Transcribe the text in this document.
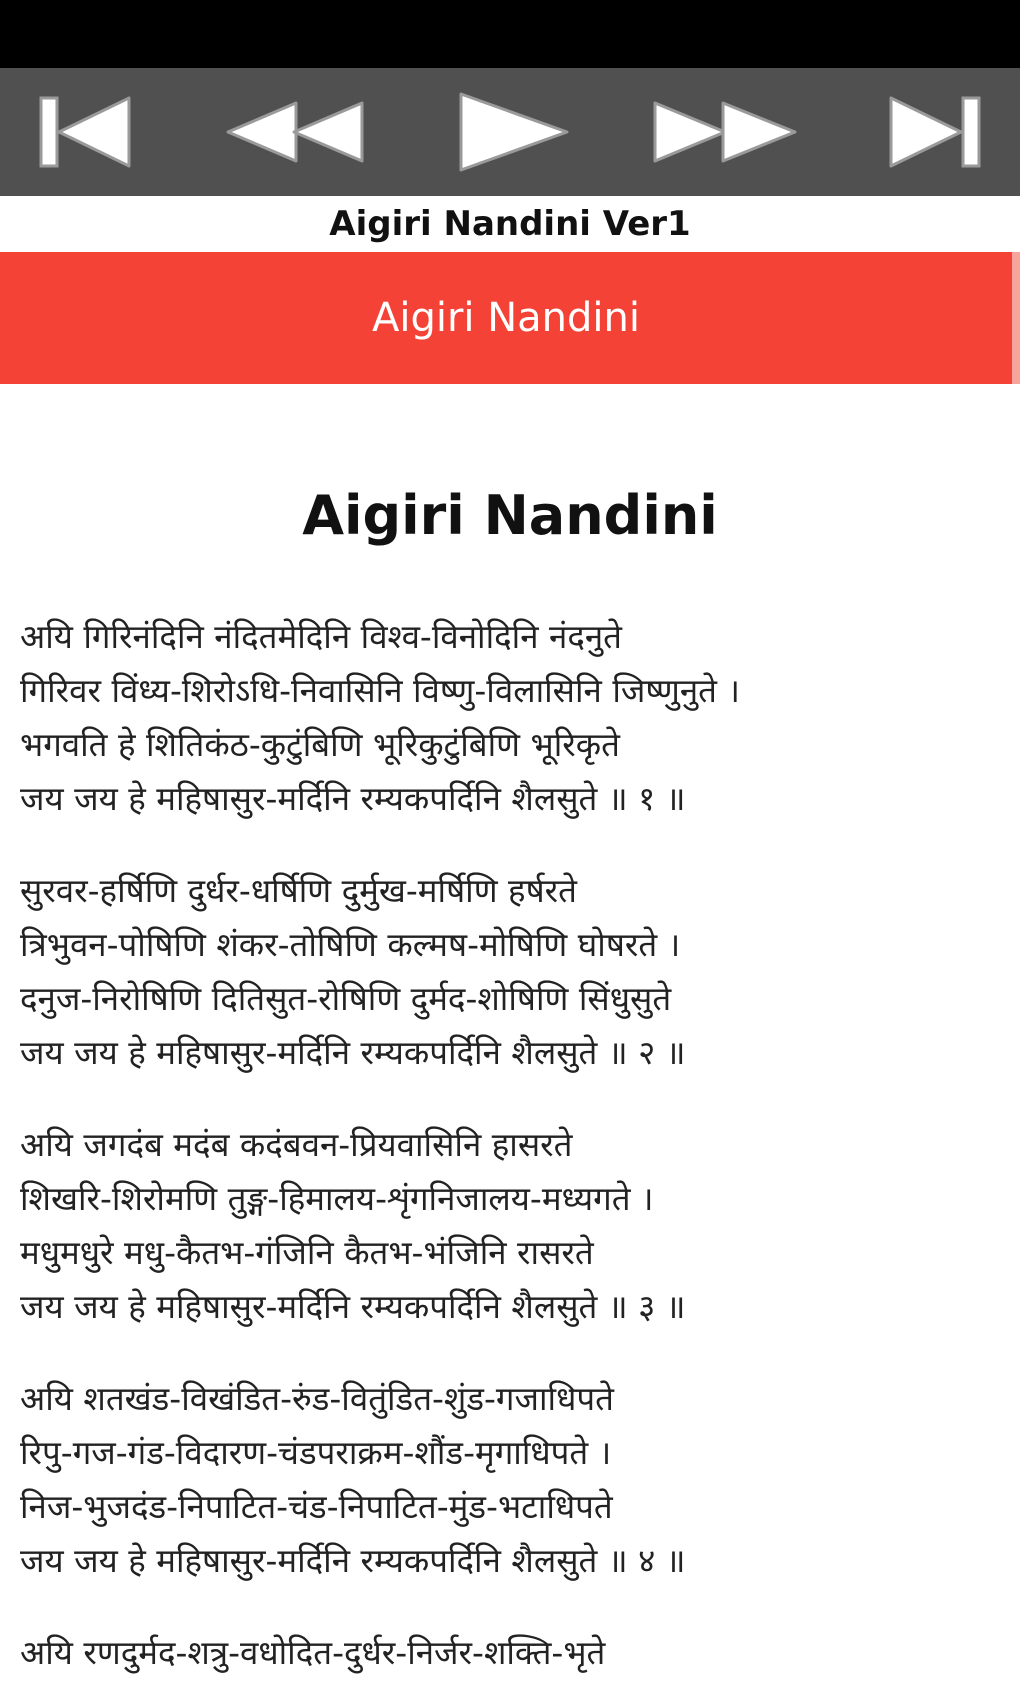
Aigiri Nandini Ver1
Aigiri Nandini
Aigiri Nandini
अयि गिरिनंदिनि नंदितमेदिनि विश्व-विनोदिनि नंदनुते
गिरिवर विंध्य-शिरोऽधि-निवासिनि विष्णु-विलासिनि जिष्णुनुते ।
भगवति हे शितिकंठ-कुटुंबिणि भूरिकुटुंबिणि भूरिकृते
जय जय हे महिषासुर-मर्दिनि रम्यकपर्दिनि शैलसुते ॥ १ ॥
सुरवर-हर्षिणि दुर्धर-धर्षिणि दुर्मुख-मर्षिणि हर्षरते
त्रिभुवन-पोषिणि शंकर-तोषिणि कल्मष-मोषिणि घोषरते ।
दनुज-निरोषिणि दितिसुत-रोषिणि दुर्मद-शोषिणि सिंधुसुते
जय जय हे महिषासुर-मर्दिनि रम्यकपर्दिनि शैलसुते ॥ २ ॥
अयि जगदंब मदंब कदंबवन-प्रियवासिनि हासरते
शिखरि-शिरोमणि तुङ्ग-हिमालय-शृंगनिजालय-मध्यगते ।
मधुमधुरे मधु-कैतभ-गंजिनि कैतभ-भंजिनि रासरते
जय जय हे महिषासुर-मर्दिनि रम्यकपर्दिनि शैलसुते ॥ ३ ॥
अयि शतखंड-विखंडित-रुंड-वितुंडित-शुंड-गजाधिपते
रिपु-गज-गंड-विदारण-चंडपराक्रम-शौंड-मृगाधिपते ।
निज-भुजदंड-निपाटित-चंड-निपाटित-मुंड-भटाधिपते
जय जय हे महिषासुर-मर्दिनि रम्यकपर्दिनि शैलसुते ॥ ४ ॥
अयि रणदुर्मद-शत्रु-वधोदित-दुर्धर-निर्जर-शक्ति-भृते
